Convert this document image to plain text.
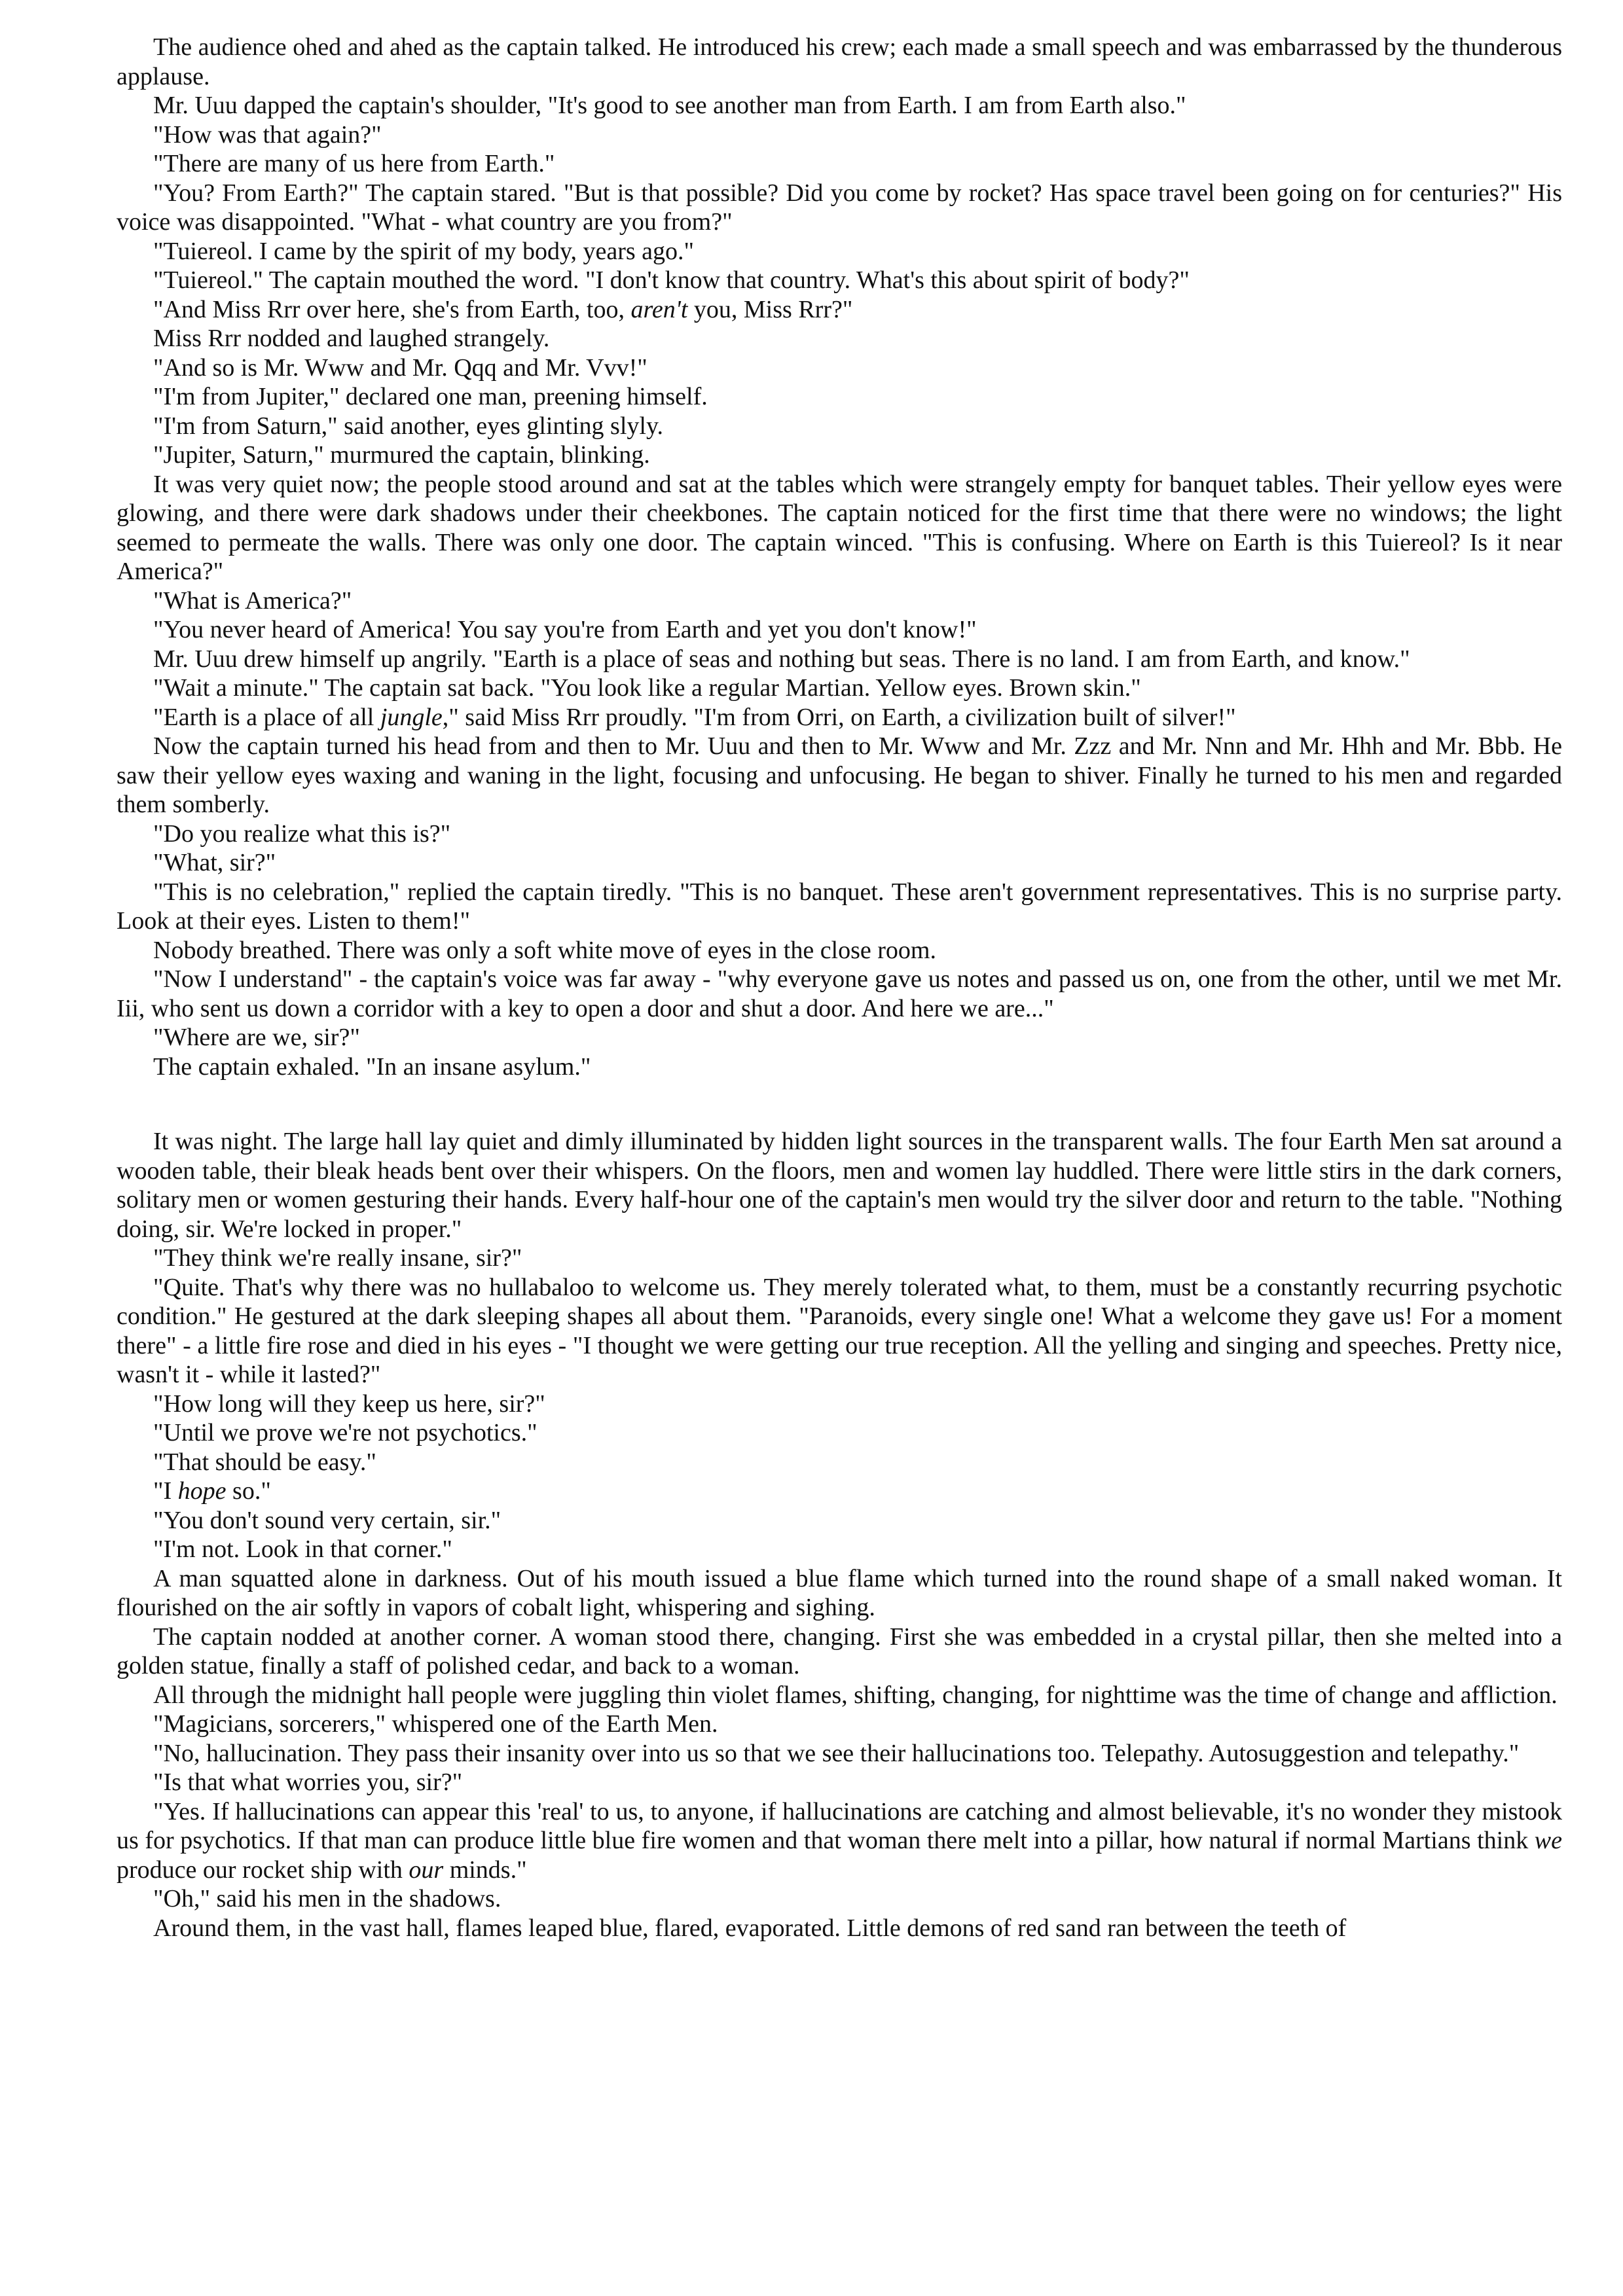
The audience ohed and ahed as the captain talked. He introduced his crew; each made a small speech and was embarrassed by the thunderous applause.

Mr. Uuu dapped the captain's shoulder, "It's good to see another man from Earth. I am from Earth also."

"How was that again?"

"There are many of us here from Earth."

"You? From Earth?" The captain stared. "But is that possible? Did you come by rocket? Has space travel been going on for centuries?" His voice was disappointed. "What - what country are you from?"

"Tuiereol. I came by the spirit of my body, years ago."

"Tuiereol." The captain mouthed the word. "I don't know that country. What's this about spirit of body?"

"And Miss Rrr over here, she's from Earth, too, aren't you, Miss Rrr?"

Miss Rrr nodded and laughed strangely.

"And so is Mr. Www and Mr. Qqq and Mr. Vvv!"

"I'm from Jupiter," declared one man, preening himself.

"I'm from Saturn," said another, eyes glinting slyly.

"Jupiter, Saturn," murmured the captain, blinking.

It was very quiet now; the people stood around and sat at the tables which were strangely empty for banquet tables. Their yellow eyes were glowing, and there were dark shadows under their cheekbones. The captain noticed for the first time that there were no windows; the light seemed to permeate the walls. There was only one door. The captain winced. "This is confusing. Where on Earth is this Tuiereol? Is it near America?"

"What is America?"

"You never heard of America! You say you're from Earth and yet you don't know!"

Mr. Uuu drew himself up angrily. "Earth is a place of seas and nothing but seas. There is no land. I am from Earth, and know."

"Wait a minute." The captain sat back. "You look like a regular Martian. Yellow eyes. Brown skin."

"Earth is a place of all jungle," said Miss Rrr proudly. "I'm from Orri, on Earth, a civilization built of silver!"

Now the captain turned his head from and then to Mr. Uuu and then to Mr. Www and Mr. Zzz and Mr. Nnn and Mr. Hhh and Mr. Bbb. He saw their yellow eyes waxing and waning in the light, focusing and unfocusing. He began to shiver. Finally he turned to his men and regarded them somberly.

"Do you realize what this is?"

"What, sir?"

"This is no celebration," replied the captain tiredly. "This is no banquet. These aren't government representatives. This is no surprise party. Look at their eyes. Listen to them!"

Nobody breathed. There was only a soft white move of eyes in the close room.

"Now I understand" - the captain's voice was far away - "why everyone gave us notes and passed us on, one from the other, until we met Mr. Iii, who sent us down a corridor with a key to open a door and shut a door. And here we are..."

"Where are we, sir?"

The captain exhaled. "In an insane asylum."

It was night. The large hall lay quiet and dimly illuminated by hidden light sources in the transparent walls. The four Earth Men sat around a wooden table, their bleak heads bent over their whispers. On the floors, men and women lay huddled. There were little stirs in the dark corners, solitary men or women gesturing their hands. Every half-hour one of the captain's men would try the silver door and return to the table. "Nothing doing, sir. We're locked in proper."

"They think we're really insane, sir?"

"Quite. That's why there was no hullabaloo to welcome us. They merely tolerated what, to them, must be a constantly recurring psychotic condition." He gestured at the dark sleeping shapes all about them. "Paranoids, every single one! What a welcome they gave us! For a moment there" - a little fire rose and died in his eyes - "I thought we were getting our true reception. All the yelling and singing and speeches. Pretty nice, wasn't it - while it lasted?"

"How long will they keep us here, sir?"

"Until we prove we're not psychotics."

"That should be easy."

"I hope so."

"You don't sound very certain, sir."

"I'm not. Look in that corner."

A man squatted alone in darkness. Out of his mouth issued a blue flame which turned into the round shape of a small naked woman. It flourished on the air softly in vapors of cobalt light, whispering and sighing.

The captain nodded at another corner. A woman stood there, changing. First she was embedded in a crystal pillar, then she melted into a golden statue, finally a staff of polished cedar, and back to a woman.

All through the midnight hall people were juggling thin violet flames, shifting, changing, for nighttime was the time of change and affliction.

"Magicians, sorcerers," whispered one of the Earth Men.

"No, hallucination. They pass their insanity over into us so that we see their hallucinations too. Telepathy. Autosuggestion and telepathy."

"Is that what worries you, sir?"

"Yes. If hallucinations can appear this 'real' to us, to anyone, if hallucinations are catching and almost believable, it's no wonder they mistook us for psychotics. If that man can produce little blue fire women and that woman there melt into a pillar, how natural if normal Martians think we produce our rocket ship with our minds."

"Oh," said his men in the shadows.

Around them, in the vast hall, flames leaped blue, flared, evaporated. Little demons of red sand ran between the teeth of
